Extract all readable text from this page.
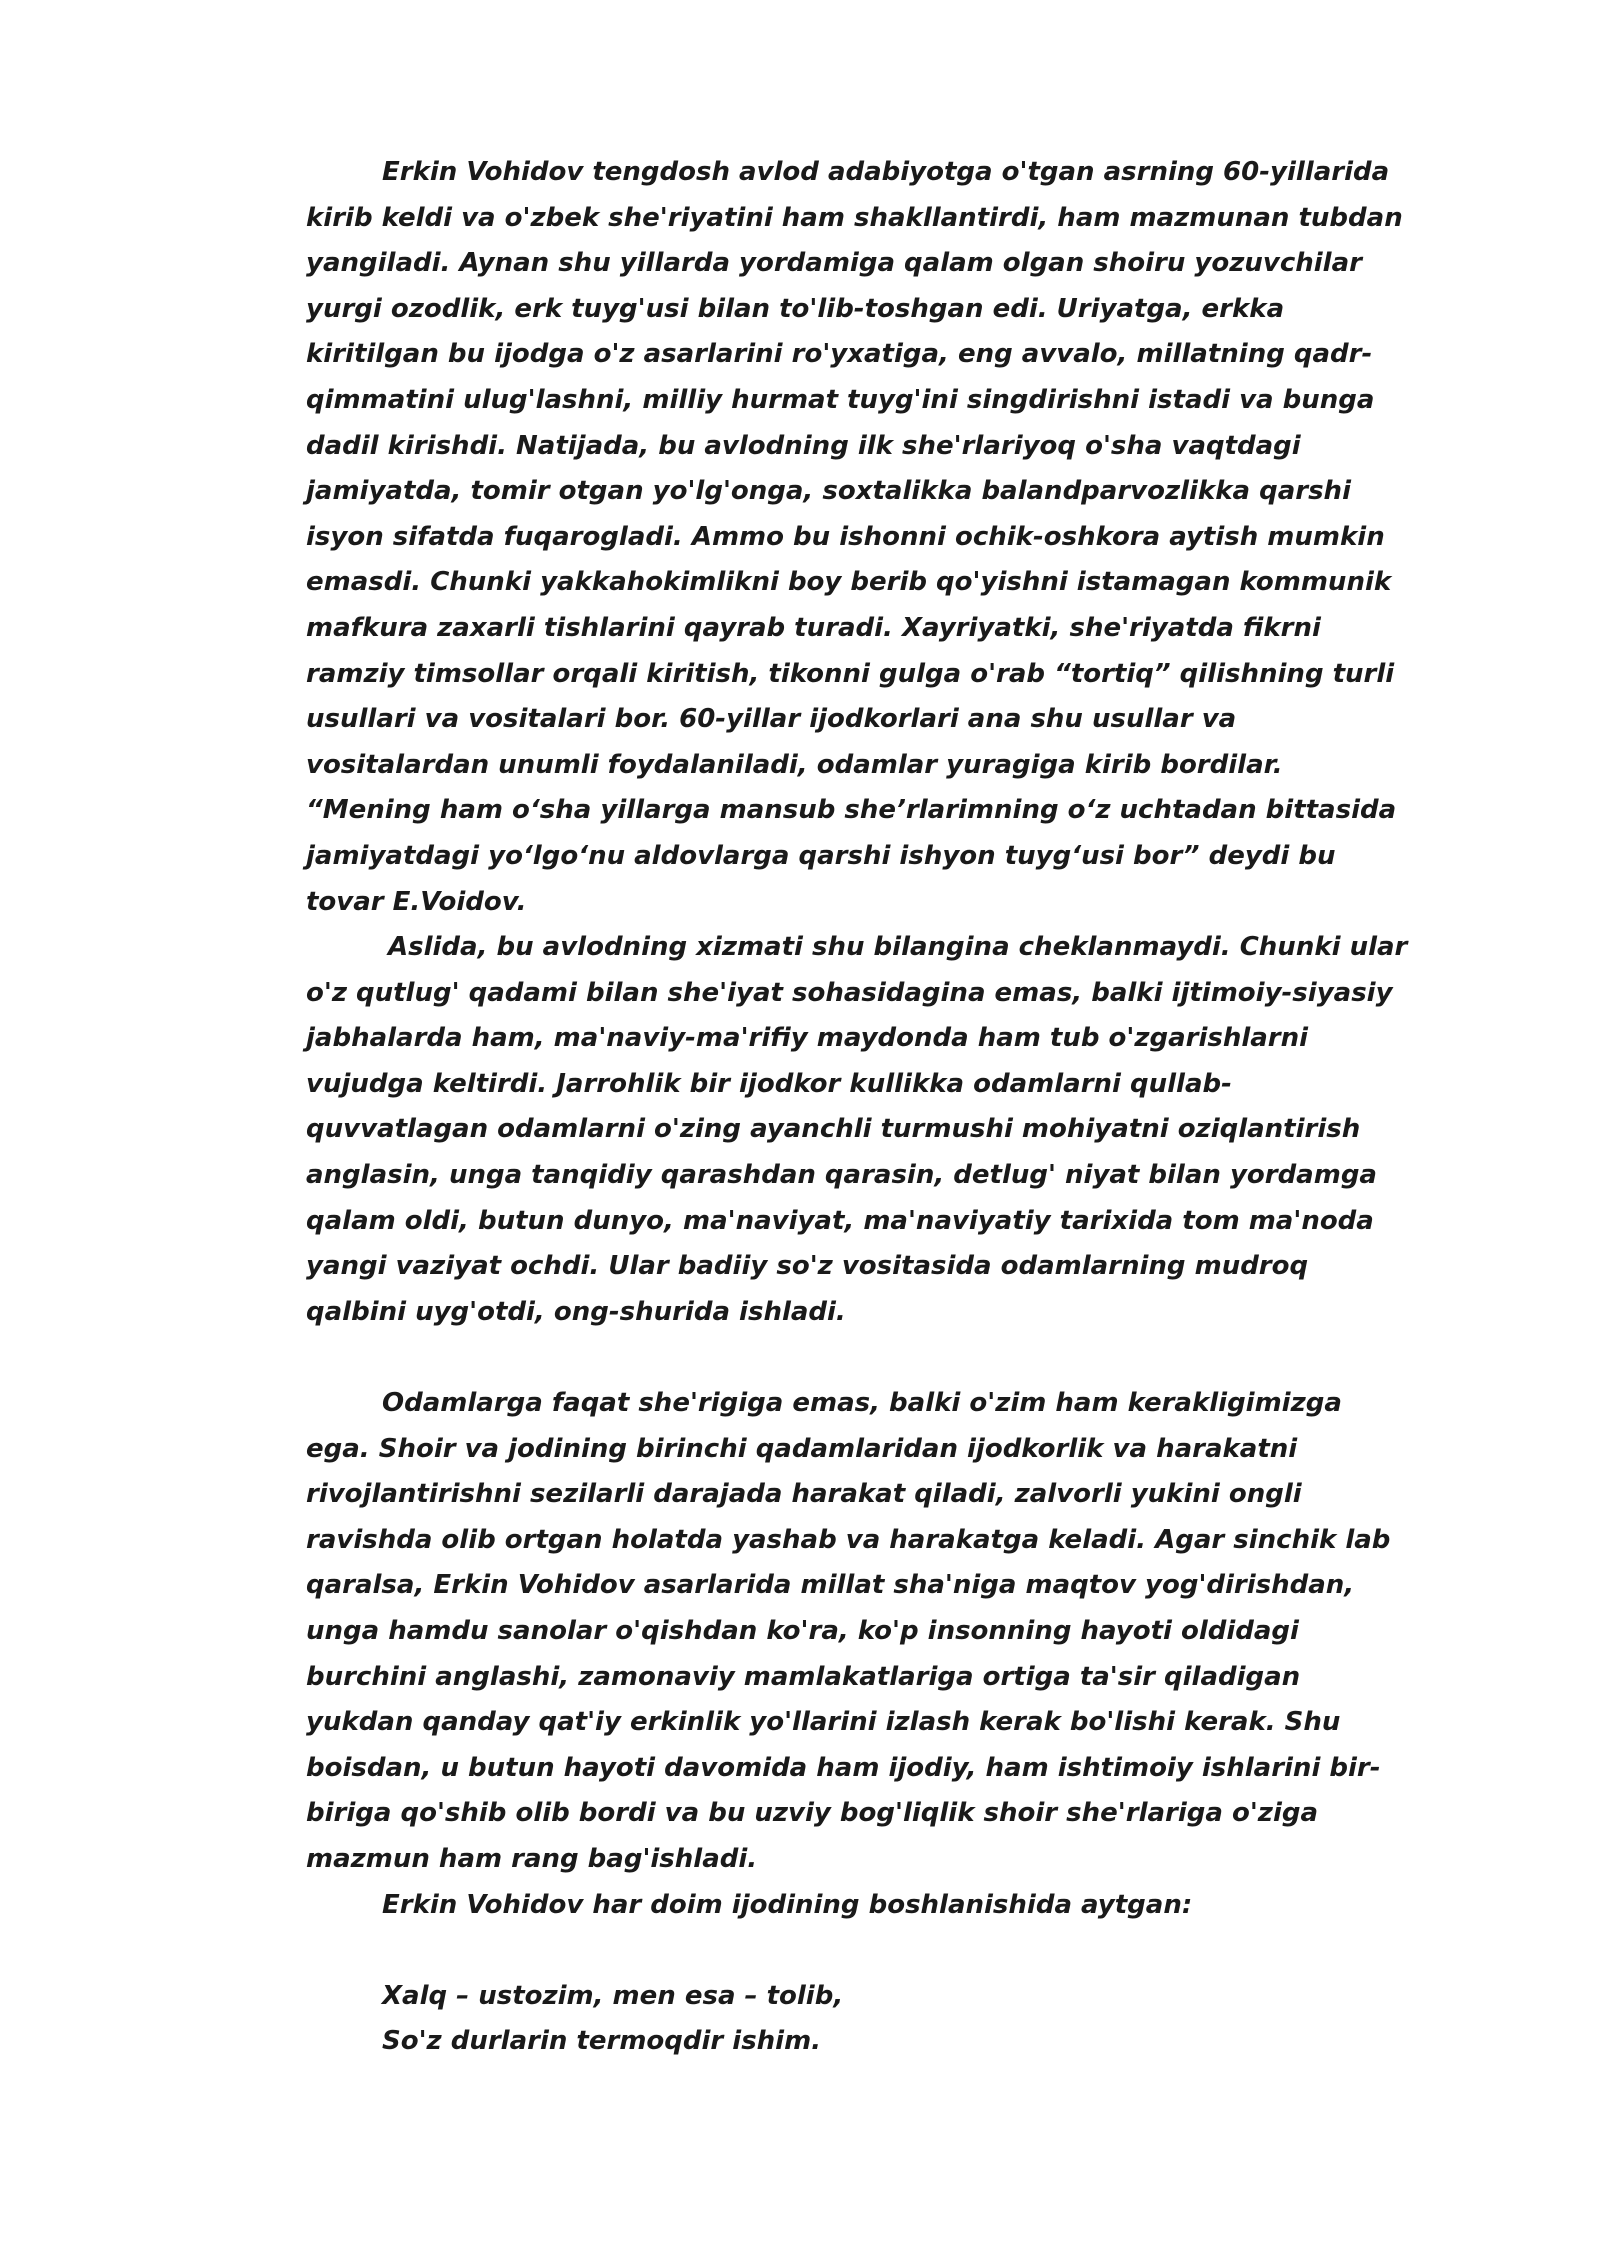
Erkin Vohidov tengdosh avlod adabiyotga o'tgan asrning 60-yillarida
kirib keldi va o'zbek she'riyatini ham shakllantirdi, ham mazmunan tubdan
yangiladi. Aynan shu yillarda yordamiga qalam olgan shoiru yozuvchilar
yurgi ozodlik, erk tuyg'usi bilan to'lib-toshgan edi. Uriyatga, erkka
kiritilgan bu ijodga o'z asarlarini ro'yxatiga, eng avvalo, millatning qadr-
qimmatini ulug'lashni, milliy hurmat tuyg'ini singdirishni istadi va bunga
dadil kirishdi. Natijada, bu avlodning ilk she'rlariyoq o'sha vaqtdagi
jamiyatda, tomir otgan yo'lg'onga, soxtalikka balandparvozlikka qarshi
isyon sifatda fuqarogladi. Ammo bu ishonni ochik-oshkora aytish mumkin
emasdi. Chunki yakkahokimlikni boy berib qo'yishni istamagan kommunik
mafkura zaxarli tishlarini qayrab turadi. Xayriyatki, she'riyatda fikrni
ramziy timsollar orqali kiritish, tikonni gulga o'rab “tortiq” qilishning turli
usullari va vositalari bor. 60-yillar ijodkorlari ana shu usullar va
vositalardan unumli foydalaniladi, odamlar yuragiga kirib bordilar.
“Mening ham o‘sha yillarga mansub she’rlarimning o‘z uchtadan bittasida
jamiyatdagi yo‘lgo‘nu aldovlarga qarshi ishyon tuyg‘usi bor” deydi bu
tovar E.Voidov.
Aslida, bu avlodning xizmati shu bilangina cheklanmaydi. Chunki ular
o'z qutlug' qadami bilan she'iyat sohasidagina emas, balki ijtimoiy-siyasiy
jabhalarda ham, ma'naviy-ma'rifiy maydonda ham tub o'zgarishlarni
vujudga keltirdi. Jarrohlik bir ijodkor kullikka odamlarni qullab-
quvvatlagan odamlarni o'zing ayanchli turmushi mohiyatni oziqlantirish
anglasin, unga tanqidiy qarashdan qarasin, detlug' niyat bilan yordamga
qalam oldi, butun dunyo, ma'naviyat, ma'naviyatiy tarixida tom ma'noda
yangi vaziyat ochdi. Ular badiiy so'z vositasida odamlarning mudroq
qalbini uyg'otdi, ong-shurida ishladi.
Odamlarga faqat she'rigiga emas, balki o'zim ham kerakligimizga
ega. Shoir va jodining birinchi qadamlaridan ijodkorlik va harakatni
rivojlantirishni sezilarli darajada harakat qiladi, zalvorli yukini ongli
ravishda olib ortgan holatda yashab va harakatga keladi. Agar sinchik lab
qaralsa, Erkin Vohidov asarlarida millat sha'niga maqtov yog'dirishdan,
unga hamdu sanolar o'qishdan ko'ra, ko'p insonning hayoti oldidagi
burchini anglashi, zamonaviy mamlakatlariga ortiga ta'sir qiladigan
yukdan qanday qat'iy erkinlik yo'llarini izlash kerak bo'lishi kerak. Shu
boisdan, u butun hayoti davomida ham ijodiy, ham ishtimoiy ishlarini bir-
biriga qo'shib olib bordi va bu uzviy bog'liqlik shoir she'rlariga o'ziga
mazmun ham rang bag'ishladi.
Erkin Vohidov har doim ijodining boshlanishida aytgan:
Xalq – ustozim, men esa – tolib,
So'z durlarin termoqdir ishim.
